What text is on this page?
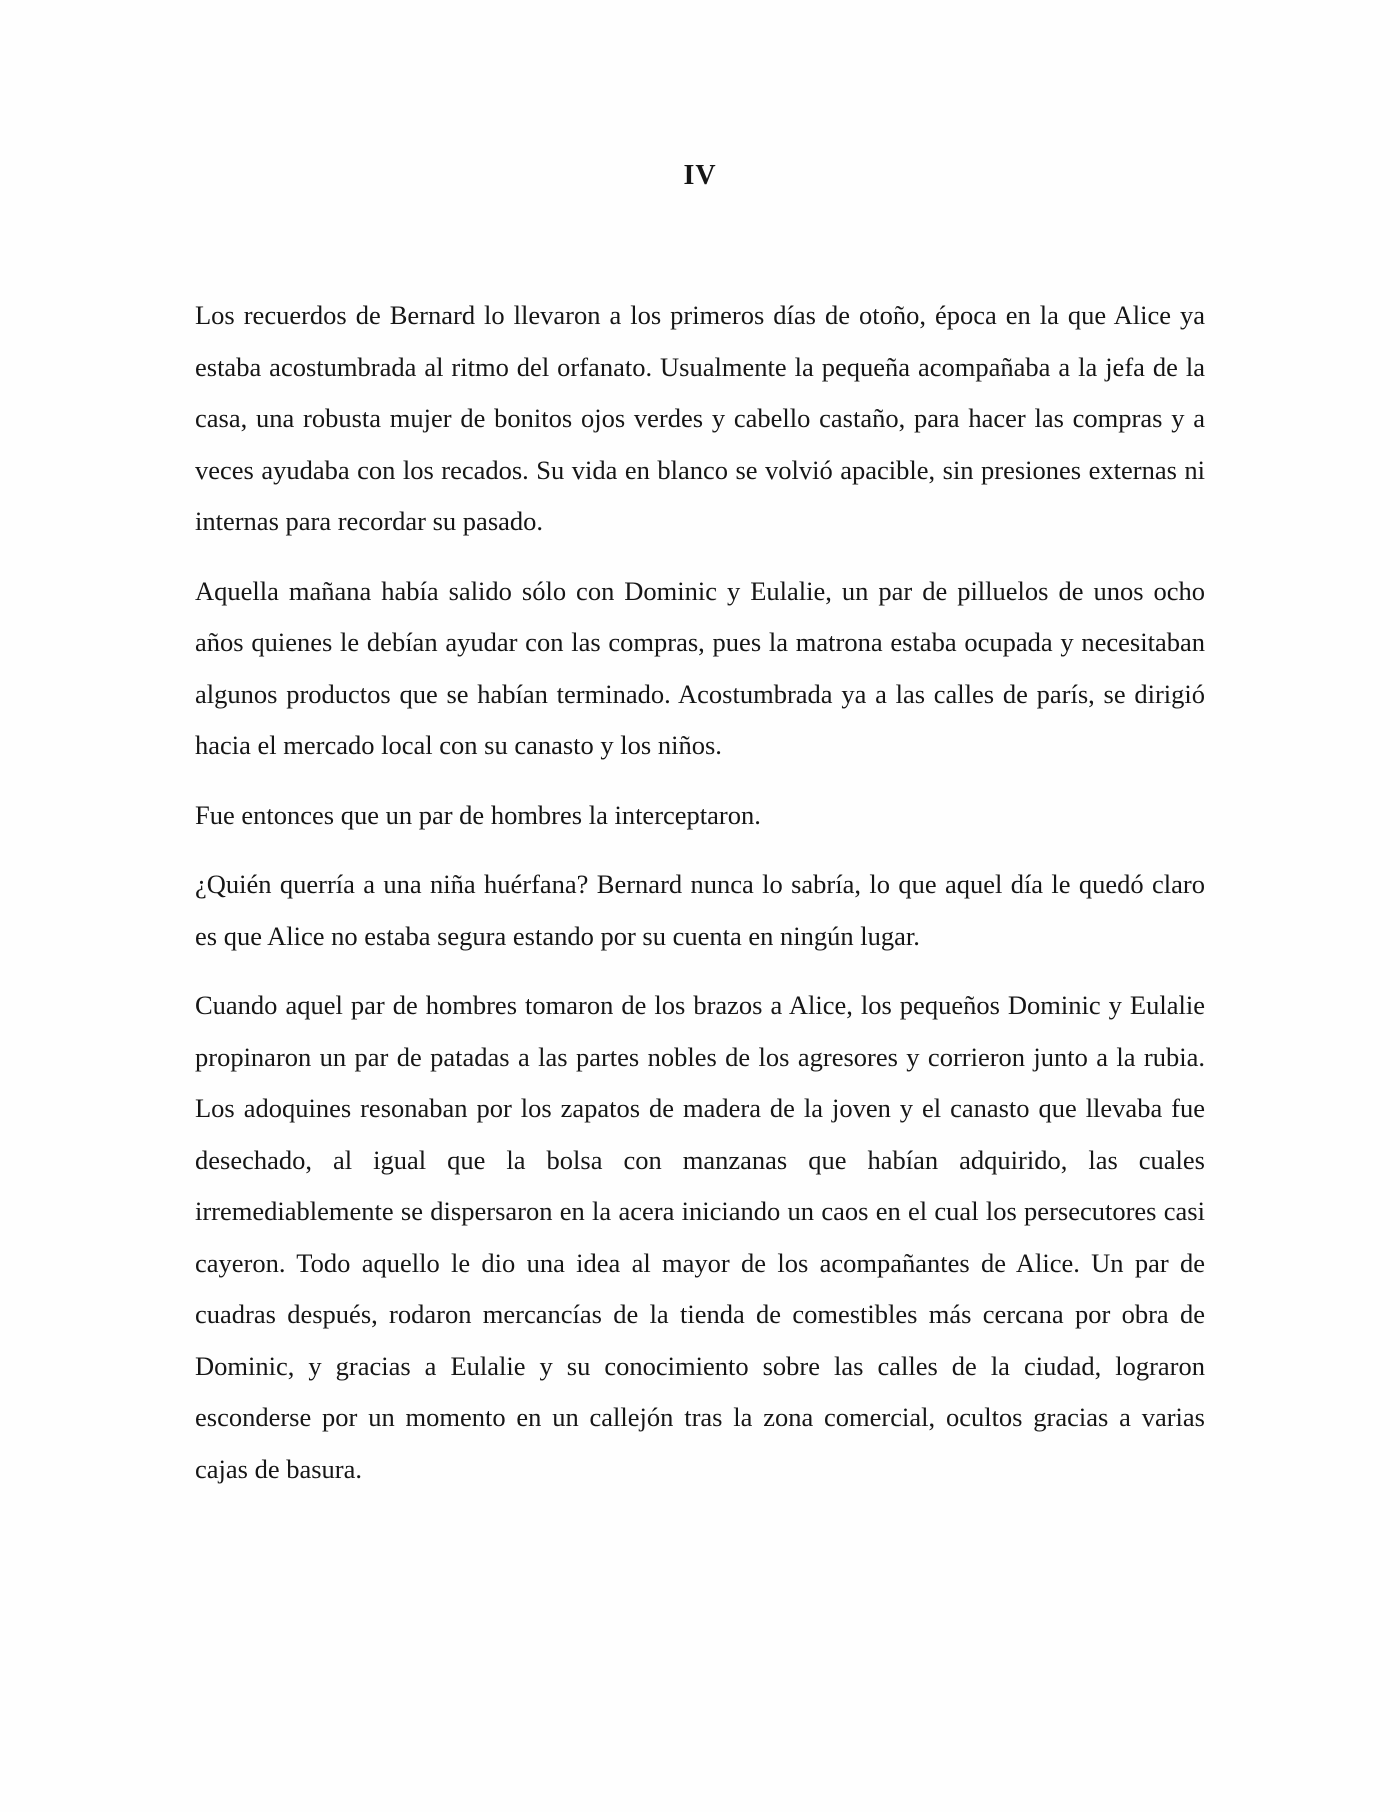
IV

Los recuerdos de Bernard lo llevaron a los primeros días de otoño, época en la que Alice ya estaba acostumbrada al ritmo del orfanato. Usualmente la pequeña acompañaba a la jefa de la casa, una robusta mujer de bonitos ojos verdes y cabello castaño, para hacer las compras y a veces ayudaba con los recados. Su vida en blanco se volvió apacible, sin presiones externas ni internas para recordar su pasado.

Aquella mañana había salido sólo con Dominic y Eulalie, un par de pilluelos de unos ocho años quienes le debían ayudar con las compras, pues la matrona estaba ocupada y necesitaban algunos productos que se habían terminado. Acostumbrada ya a las calles de parís, se dirigió hacia el mercado local con su canasto y los niños.

Fue entonces que un par de hombres la interceptaron.

¿Quién querría a una niña huérfana? Bernard nunca lo sabría, lo que aquel día le quedó claro es que Alice no estaba segura estando por su cuenta en ningún lugar.

Cuando aquel par de hombres tomaron de los brazos a Alice, los pequeños Dominic y Eulalie propinaron un par de patadas a las partes nobles de los agresores y corrieron junto a la rubia. Los adoquines resonaban por los zapatos de madera de la joven y el canasto que llevaba fue desechado, al igual que la bolsa con manzanas que habían adquirido, las cuales irremediablemente se dispersaron en la acera iniciando un caos en el cual los persecutores casi cayeron. Todo aquello le dio una idea al mayor de los acompañantes de Alice. Un par de cuadras después, rodaron mercancías de la tienda de comestibles más cercana por obra de Dominic, y gracias a Eulalie y su conocimiento sobre las calles de la ciudad, lograron esconderse por un momento en un callejón tras la zona comercial, ocultos gracias a varias cajas de basura.
